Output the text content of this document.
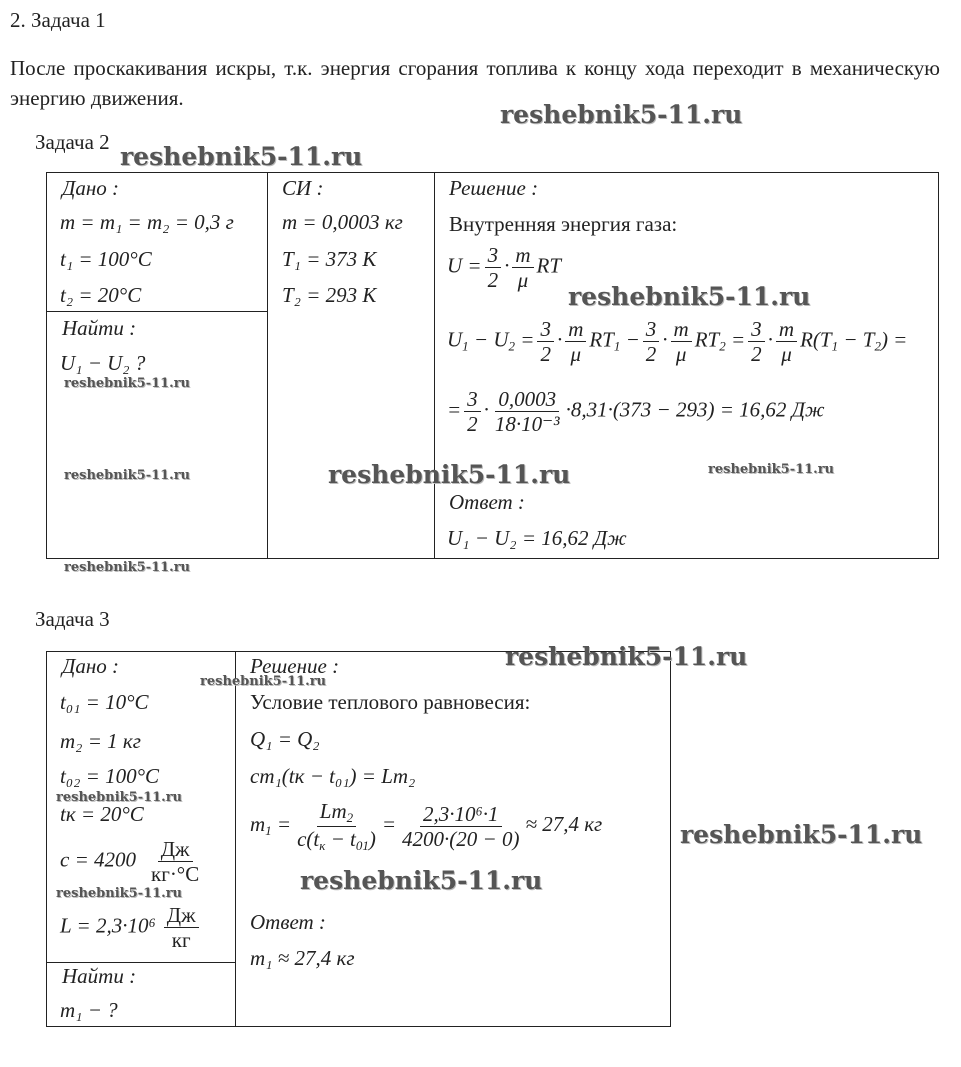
2. Задача 1
После проскакивания искры, т.к. энергия сгорания топлива к концу хода переходит в механическую энергию движения.
reshebnik5-11.ru
Задача 2 reshebnik5-11.ru
Дано :
m = m₁ = m₂ = 0,3 г
t₁ = 100°C
t₂ = 20°C
Найти :
U₁ − U₂ ?
reshebnik5-11.ru
reshebnik5-11.ru
СИ :
m = 0,0003 кг
T₁ = 373 К
T₂ = 293 К
Решение :
Внутренняя энергия газа:
$U = \frac{3}{2} \cdot \frac{m}{\mu}$ RT
reshebnik5-11.ru
$U_1 - U_2 = \frac{3}{2} \cdot \frac{m}{\mu} RT_1 - \frac{3}{2} \cdot \frac{m}{\mu} RT_2 = \frac{3}{2} \cdot \frac{m}{\mu} R(T_1 - T_2)$ =
= $\frac{3}{2} \cdot \frac{0,0003}{\text{18·10⁻³}} \cdot 8,31\cdot(373 - 293) = 16,62$ Дж
reshebnik5-11.ru	reshebnik5-11.ru
Ответ :
U₁ − U₂ = 16,62 Дж
reshebnik5-11.ru
Задача 3
reshebnik5-11.ru
reshebnik5-11.ru
Дано :
t₀₁ = 10°C
m₂ = 1 кг
t₀₂ = 100°C
reshebnik5-11.ru
tк = 20°C
$c = 4200 \frac{Дж}{кг\cdot^\circ C}$
reshebnik5-11.ru
$L = 2,3\cdot 10^6 \frac{Дж}{кг}$
Найти :
m₁ − ?
Решение :
Условие теплового равновесия:
Q₁ = Q₂
cm₁(tк − t₀₁) = Lm₂
$m_1 = \frac{Lm_2}{c(t_к - t_{01})} = \frac{\text{2,3·10⁶·1}}{4200\cdot(20 - 0)} \approx 27,4$ кг	reshebnik5-11.ru
reshebnik5-11.ru
Ответ :
m₁ ≈ 27,4 кг
